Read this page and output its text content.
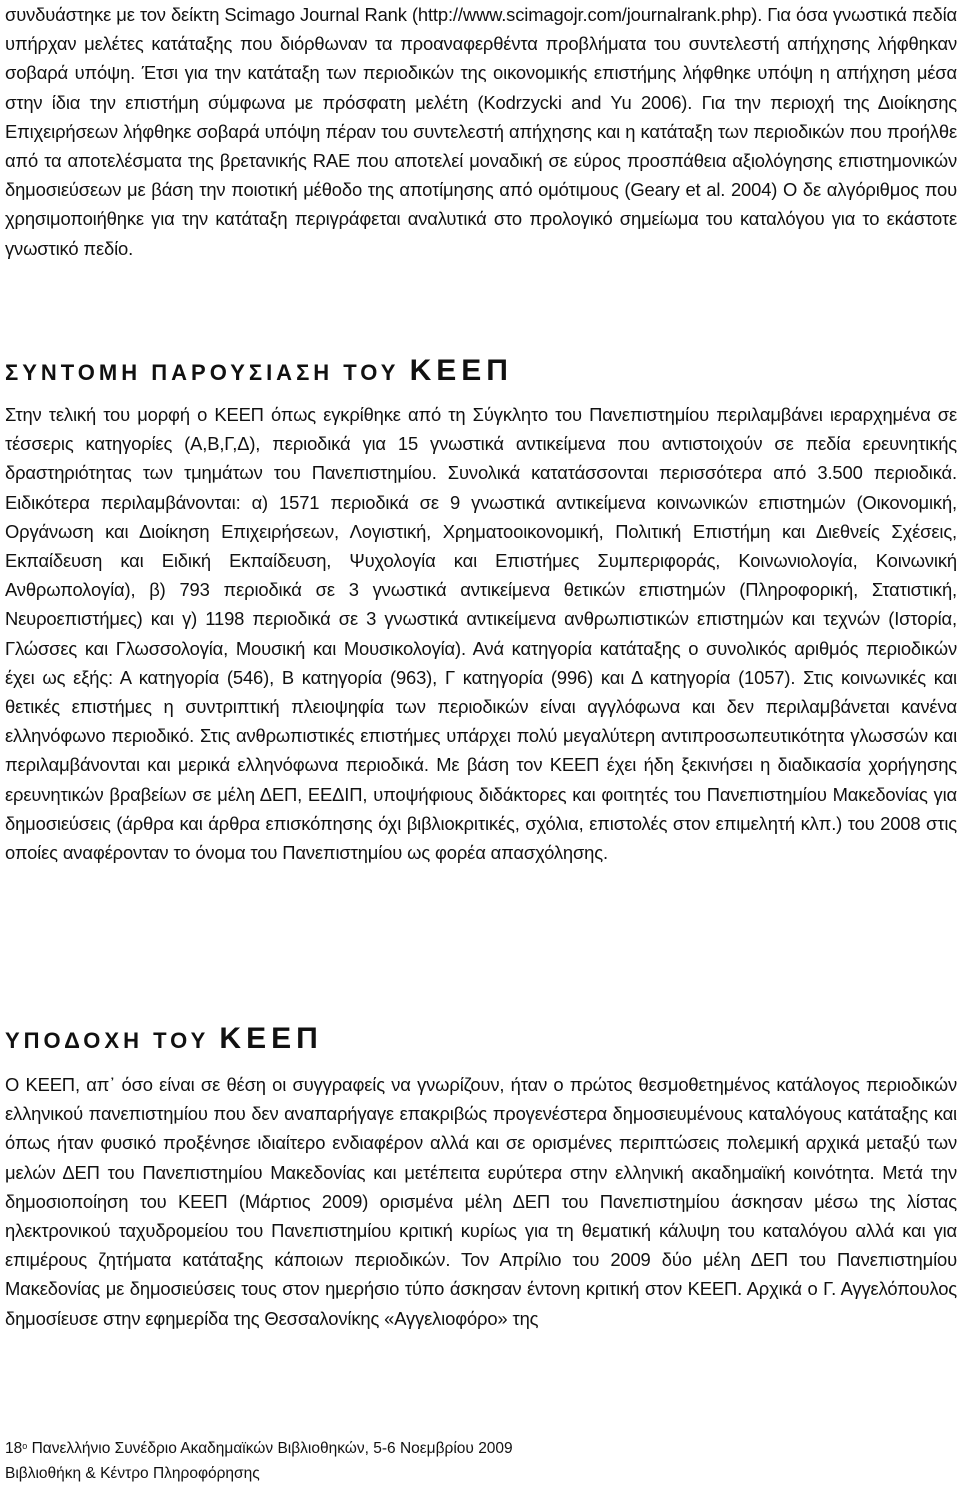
συνδυάστηκε με τον δείκτη Scimago Journal Rank (http://www.scimagojr.com/journalrank.php). Για όσα γνωστικά πεδία υπήρχαν μελέτες κατάταξης που διόρθωναν τα προαναφερθέντα προβλήματα του συντελεστή απήχησης λήφθηκαν σοβαρά υπόψη. Έτσι για την κατάταξη των περιοδικών της οικονομικής επιστήμης λήφθηκε υπόψη η απήχηση μέσα στην ίδια την επιστήμη σύμφωνα με πρόσφατη μελέτη (Kodrzycki and Yu 2006). Για την περιοχή της Διοίκησης Επιχειρήσεων λήφθηκε σοβαρά υπόψη πέραν του συντελεστή απήχησης και η κατάταξη των περιοδικών που προήλθε από τα αποτελέσματα της βρετανικής RAE που αποτελεί μοναδική σε εύρος προσπάθεια αξιολόγησης επιστημονικών δημοσιεύσεων με βάση την ποιοτική μέθοδο της αποτίμησης από ομότιμους (Geary et al. 2004) Ο δε αλγόριθμος που χρησιμοποιήθηκε για την κατάταξη περιγράφεται αναλυτικά στο προλογικό σημείωμα του καταλόγου για το εκάστοτε γνωστικό πεδίο.

ΣΥΝΤΟΜΗ ΠΑΡΟΥΣΙΑΣΗ ΤΟΥ ΚΕΕΠ

Στην τελική του μορφή ο ΚΕΕΠ όπως εγκρίθηκε από τη Σύγκλητο του Πανεπιστημίου περιλαμβάνει ιεραρχημένα σε τέσσερις κατηγορίες (Α,Β,Γ,Δ), περιοδικά για 15 γνωστικά αντικείμενα που αντιστοιχούν σε πεδία ερευνητικής δραστηριότητας των τμημάτων του Πανεπιστημίου. Συνολικά κατατάσσονται περισσότερα από 3.500 περιοδικά. Ειδικότερα περιλαμβάνονται: α) 1571 περιοδικά σε 9 γνωστικά αντικείμενα κοινωνικών επιστημών (Οικονομική, Οργάνωση και Διοίκηση Επιχειρήσεων, Λογιστική, Χρηματοοικονομική, Πολιτική Επιστήμη και Διεθνείς Σχέσεις, Εκπαίδευση και Ειδική Εκπαίδευση, Ψυχολογία και Επιστήμες Συμπεριφοράς, Κοινωνιολογία, Κοινωνική Ανθρωπολογία), β) 793 περιοδικά σε 3 γνωστικά αντικείμενα θετικών επιστημών (Πληροφορική, Στατιστική, Νευροεπιστήμες) και γ) 1198 περιοδικά σε 3 γνωστικά αντικείμενα ανθρωπιστικών επιστημών και τεχνών (Ιστορία, Γλώσσες και Γλωσσολογία, Μουσική και Μουσικολογία). Ανά κατηγορία κατάταξης ο συνολικός αριθμός περιοδικών έχει ως εξής: Α κατηγορία (546), Β κατηγορία (963), Γ κατηγορία (996) και Δ κατηγορία (1057). Στις κοινωνικές και θετικές επιστήμες η συντριπτική πλειοψηφία των περιοδικών είναι αγγλόφωνα και δεν περιλαμβάνεται κανένα ελληνόφωνο περιοδικό. Στις ανθρωπιστικές επιστήμες υπάρχει πολύ μεγαλύτερη αντιπροσωπευτικότητα γλωσσών και περιλαμβάνονται και μερικά ελληνόφωνα περιοδικά. Με βάση τον ΚΕΕΠ έχει ήδη ξεκινήσει η διαδικασία χορήγησης ερευνητικών βραβείων σε μέλη ΔΕΠ, ΕΕΔΙΠ, υποψήφιους διδάκτορες και φοιτητές του Πανεπιστημίου Μακεδονίας για δημοσιεύσεις (άρθρα και άρθρα επισκόπησης όχι βιβλιοκριτικές, σχόλια, επιστολές στον επιμελητή κλπ.) του 2008 στις οποίες αναφέρονταν το όνομα του Πανεπιστημίου ως φορέα απασχόλησης.

ΥΠΟΔΟΧΗ ΤΟΥ ΚΕΕΠ

Ο ΚΕΕΠ, απ᾽ όσο είναι σε θέση οι συγγραφείς να γνωρίζουν, ήταν ο πρώτος θεσμοθετημένος κατάλογος περιοδικών ελληνικού πανεπιστημίου που δεν αναπαρήγαγε επακριβώς προγενέστερα δημοσιευμένους καταλόγους κατάταξης και όπως ήταν φυσικό προξένησε ιδιαίτερο ενδιαφέρον αλλά και σε ορισμένες περιπτώσεις πολεμική αρχικά μεταξύ των μελών ΔΕΠ του Πανεπιστημίου Μακεδονίας και μετέπειτα ευρύτερα στην ελληνική ακαδημαϊκή κοινότητα. Μετά την δημοσιοποίηση του ΚΕΕΠ (Μάρτιος 2009) ορισμένα μέλη ΔΕΠ του Πανεπιστημίου άσκησαν μέσω της λίστας ηλεκτρονικού ταχυδρομείου του Πανεπιστημίου κριτική κυρίως για τη θεματική κάλυψη του καταλόγου αλλά και για επιμέρους ζητήματα κατάταξης κάποιων περιοδικών. Τον Απρίλιο του 2009 δύο μέλη ΔΕΠ του Πανεπιστημίου Μακεδονίας με δημοσιεύσεις τους στον ημερήσιο τύπο άσκησαν έντονη κριτική στον ΚΕΕΠ. Αρχικά ο Γ. Αγγελόπουλος δημοσίευσε στην εφημερίδα της Θεσσαλονίκης «Αγγελιοφόρο» της

$18^o$ Πανελλήνιο Συνέδριο Ακαδημαϊκών Βιβλιοθηκών, 5-6 Νοεμβρίου 2009
Βιβλιοθήκη & Κέντρο Πληροφόρησης
